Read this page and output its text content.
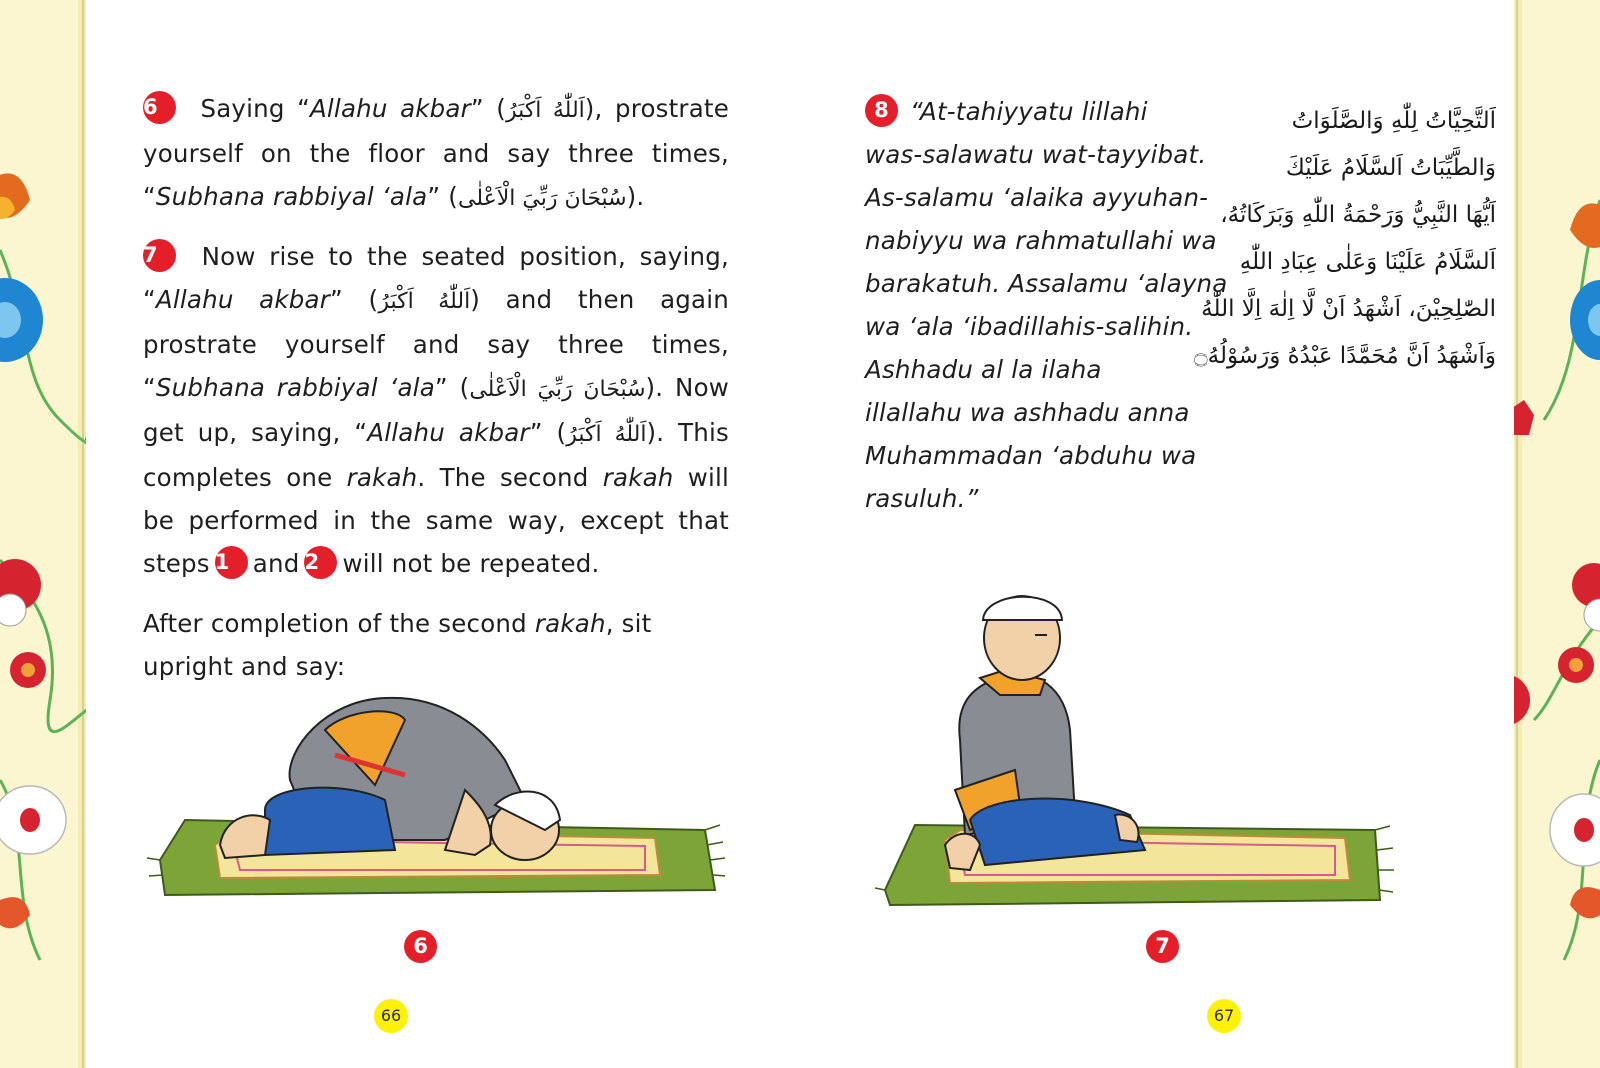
6 Saying “Allahu akbar” (اَللّٰهُ اَكْبَرُ), prostrate yourself on the floor and say three times, “Subhana rabbiyal ‘ala” (سُبْحَانَ رَبِّيَ الْاَعْلٰى).

7 Now rise to the seated position, saying, “Allahu akbar” (اَللّٰهُ اَكْبَرُ) and then again prostrate yourself and say three times, “Subhana rabbiyal ‘ala” (سُبْحَانَ رَبِّيَ الْاَعْلٰى). Now get up, saying, “Allahu akbar” (اَللّٰهُ اَكْبَرُ). This completes one rakah. The second rakah will be performed in the same way, except that steps 1 and 2 will not be repeated.

After completion of the second rakah, sit upright and say:

6
66
8 “At-tahiyyatu lillahi
was-salawatu wat-tayyibat.
As-salamu ‘alaika ayyuhan-
nabiyyu wa rahmatullahi wa
barakatuh. Assalamu ‘alayna
wa ‘ala ‘ibadillahis-salihin.
Ashhadu al la ilaha
illallahu wa ashhadu anna
Muhammadan ‘abduhu wa
rasuluh.”
اَلتَّحِيَّاتُ لِلّٰهِ وَالصَّلَوَاتُ
وَالطَّيِّبَاتُ اَلسَّلَامُ عَلَيْكَ
اَيُّهَا النَّبِيُّ وَرَحْمَةُ اللّٰهِ وَبَرَكَاتُهُ،
اَلسَّلَامُ عَلَيْنَا وَعَلٰى عِبَادِ اللّٰهِ
الصّٰلِحِيْنَ، اَشْهَدُ اَنْ لَّا اِلٰهَ اِلَّا اللّٰهُ
وَاَشْهَدُ اَنَّ مُحَمَّدًا عَبْدُهُ وَرَسُوْلُهُ۝
7
67
